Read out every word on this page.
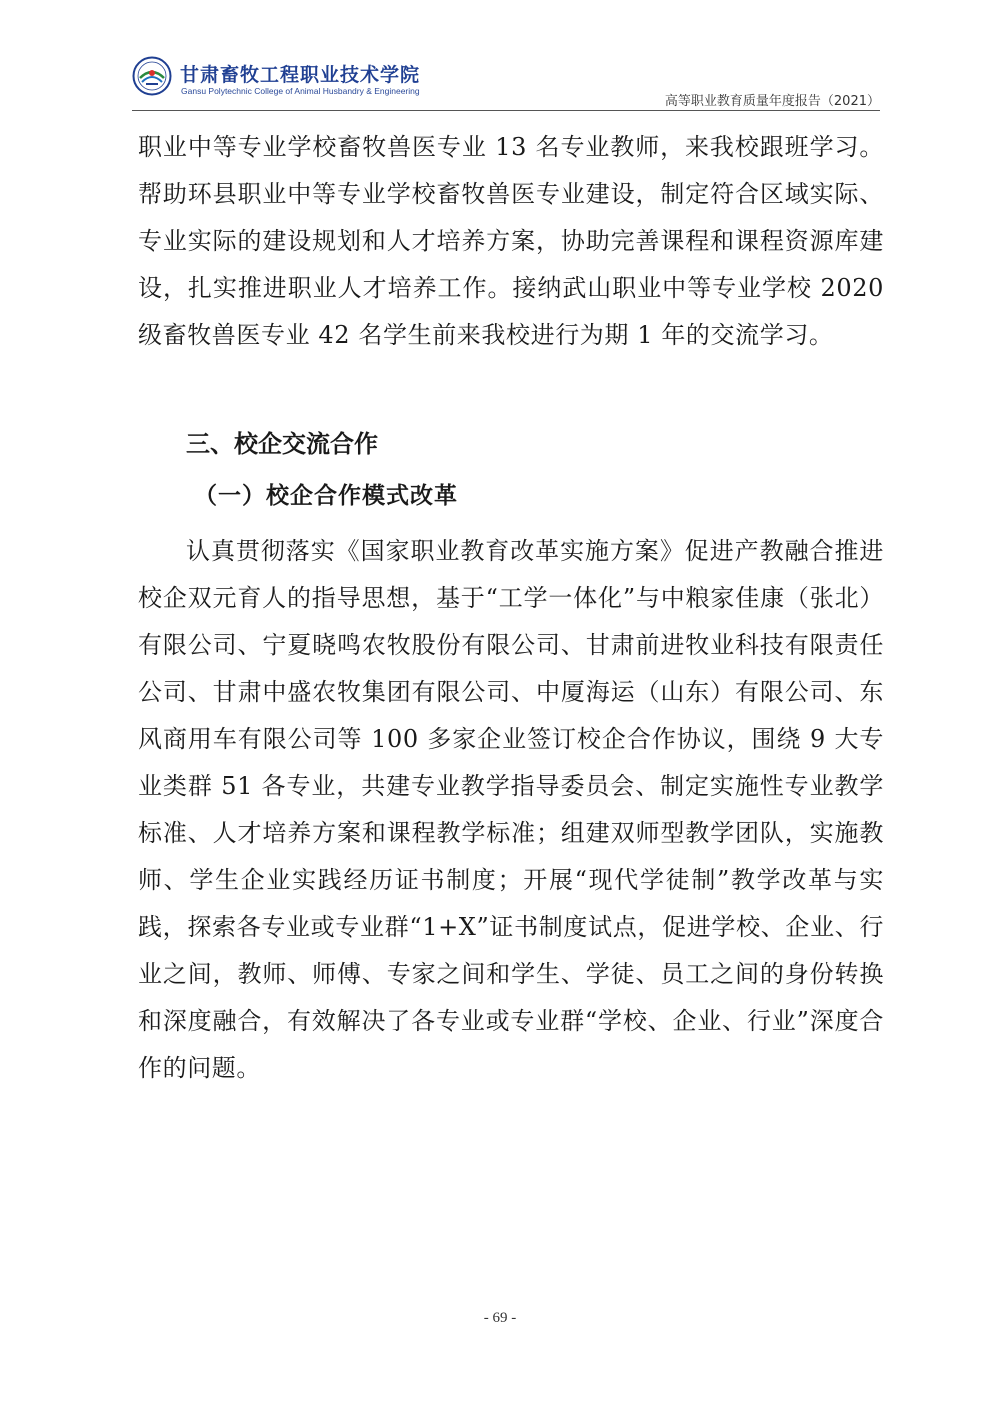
甘肃畜牧工程职业技术学院
Gansu Polytechnic College of Animal Husbandry & Engineering
高等职业教育质量年度报告（2021）

职业中等专业学校畜牧兽医专业 13 名专业教师，来我校跟班学习。帮助环县职业中等专业学校畜牧兽医专业建设，制定符合区域实际、专业实际的建设规划和人才培养方案，协助完善课程和课程资源库建设，扎实推进职业人才培养工作。接纳武山职业中等专业学校 2020 级畜牧兽医专业 42 名学生前来我校进行为期 1 年的交流学习。

三、校企交流合作
（一）校企合作模式改革

认真贯彻落实《国家职业教育改革实施方案》促进产教融合推进校企双元育人的指导思想，基于“工学一体化”与中粮家佳康（张北）有限公司、宁夏晓鸣农牧股份有限公司、甘肃前进牧业科技有限责任公司、甘肃中盛农牧集团有限公司、中厦海运（山东）有限公司、东风商用车有限公司等 100 多家企业签订校企合作协议，围绕 9 大专业类群 51 各专业，共建专业教学指导委员会、制定实施性专业教学标准、人才培养方案和课程教学标准；组建双师型教学团队，实施教师、学生企业实践经历证书制度；开展“现代学徒制”教学改革与实践，探索各专业或专业群“1+X”证书制度试点，促进学校、企业、行业之间，教师、师傅、专家之间和学生、学徒、员工之间的身份转换和深度融合，有效解决了各专业或专业群“学校、企业、行业”深度合作的问题。

- 69 -
